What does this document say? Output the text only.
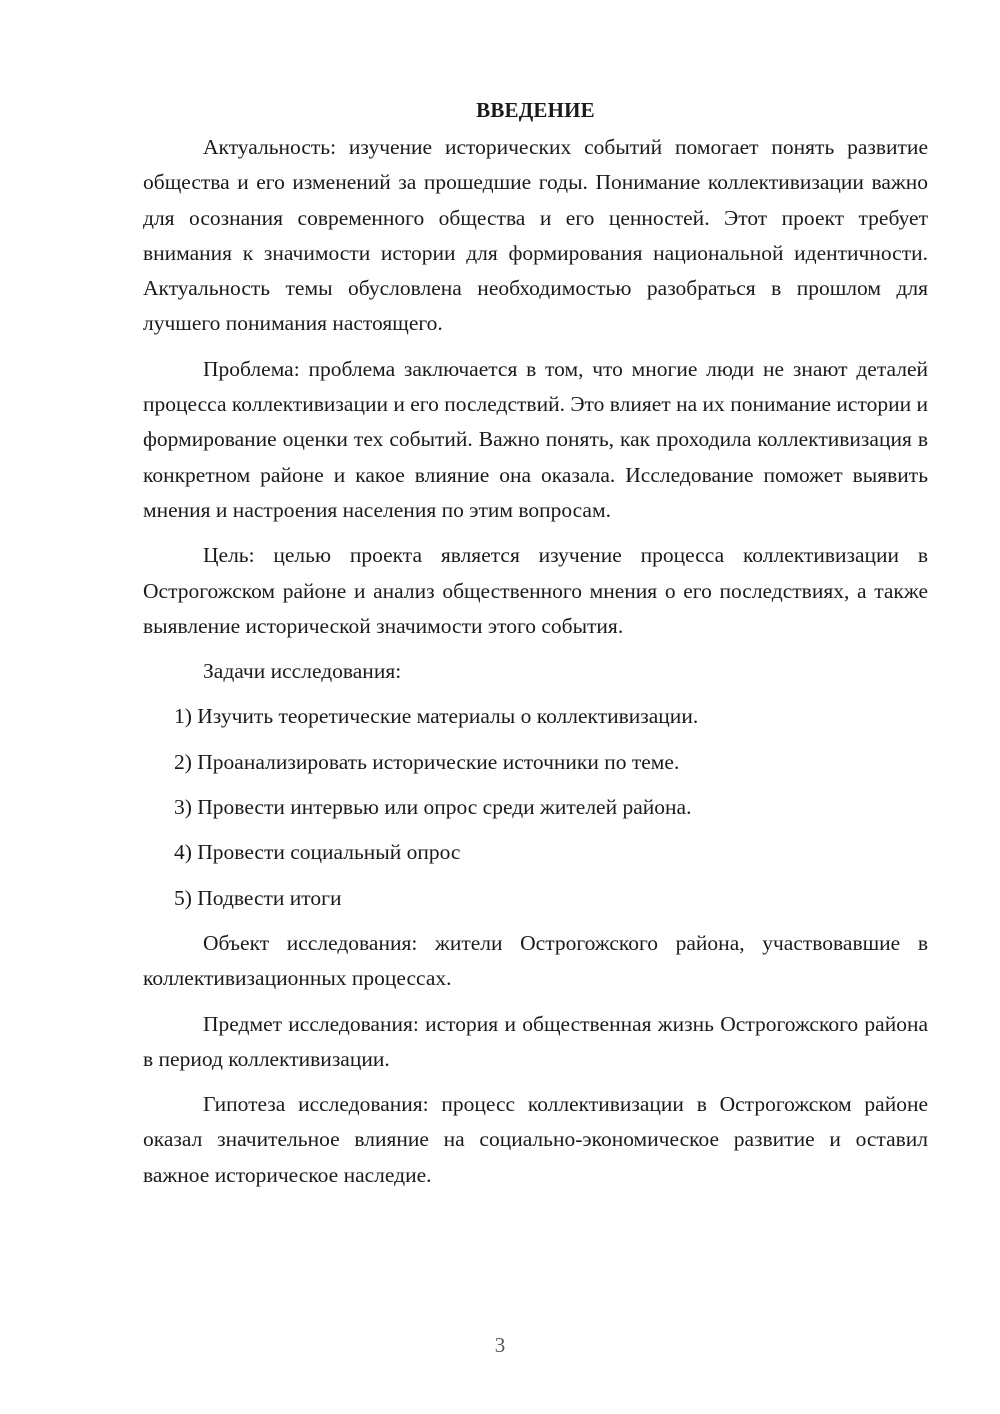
ВВЕДЕНИЕ

Актуальность: изучение исторических событий помогает понять развитие общества и его изменений за прошедшие годы. Понимание коллективизации важно для осознания современного общества и его ценностей. Этот проект требует внимания к значимости истории для формирования национальной идентичности. Актуальность темы обусловлена необходимостью разобраться в прошлом для лучшего понимания настоящего.

Проблема: проблема заключается в том, что многие люди не знают деталей процесса коллективизации и его последствий. Это влияет на их понимание истории и формирование оценки тех событий. Важно понять, как проходила коллективизация в конкретном районе и какое влияние она оказала. Исследование поможет выявить мнения и настроения населения по этим вопросам.

Цель: целью проекта является изучение процесса коллективизации в Острогожском районе и анализ общественного мнения о его последствиях, а также выявление исторической значимости этого события.

Задачи исследования:

1) Изучить теоретические материалы о коллективизации.

2) Проанализировать исторические источники по теме.

3) Провести интервью или опрос среди жителей района.

4) Провести социальный опрос

5) Подвести итоги

Объект исследования: жители Острогожского района, участвовавшие в коллективизационных процессах.

Предмет исследования: история и общественная жизнь Острогожского района в период коллективизации.

Гипотеза исследования: процесс коллективизации в Острогожском районе оказал значительное влияние на социально-экономическое развитие и оставил важное историческое наследие.

3
